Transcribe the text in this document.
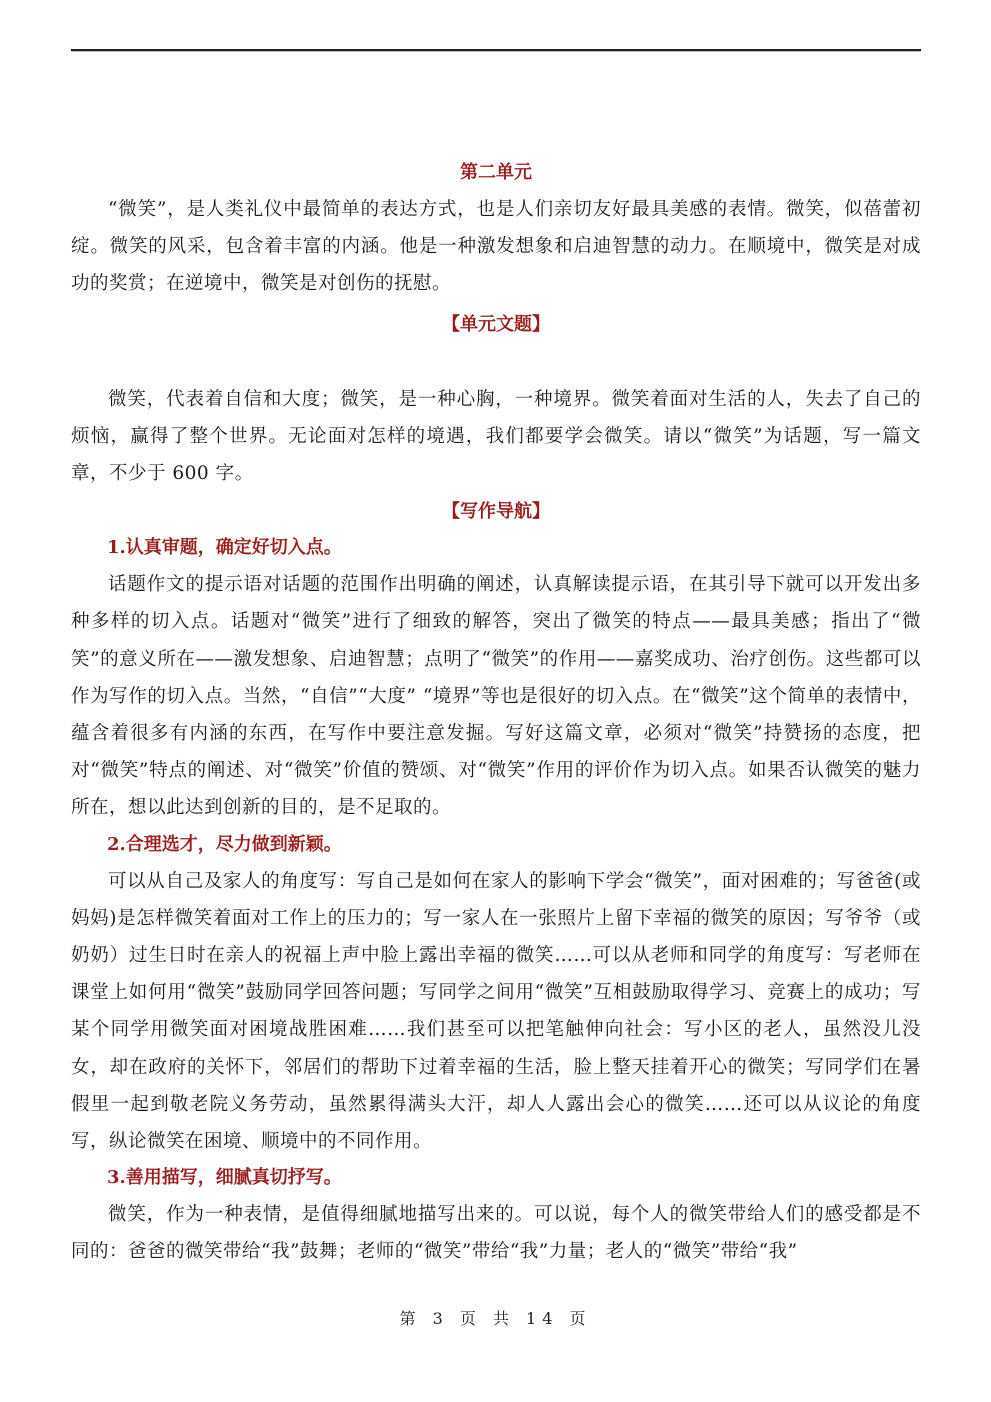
第二单元

“微笑”，是人类礼仪中最简单的表达方式，也是人们亲切友好最具美感的表情。微笑，似蓓蕾初绽。微笑的风采，包含着丰富的内涵。他是一种激发想象和启迪智慧的动力。在顺境中，微笑是对成功的奖赏；在逆境中，微笑是对创伤的抚慰。

【单元文题】

微笑，代表着自信和大度；微笑，是一种心胸，一种境界。微笑着面对生活的人，失去了自己的烦恼，赢得了整个世界。无论面对怎样的境遇，我们都要学会微笑。请以“微笑”为话题，写一篇文章，不少于 600 字。

【写作导航】

1.认真审题，确定好切入点。

话题作文的提示语对话题的范围作出明确的阐述，认真解读提示语，在其引导下就可以开发出多种多样的切入点。话题对“微笑”进行了细致的解答，突出了微笑的特点——最具美感；指出了“微笑”的意义所在——激发想象、启迪智慧；点明了“微笑”的作用——嘉奖成功、治疗创伤。这些都可以作为写作的切入点。当然，“自信”“大度” “境界”等也是很好的切入点。在“微笑”这个简单的表情中，蕴含着很多有内涵的东西，在写作中要注意发掘。写好这篇文章，必须对“微笑”持赞扬的态度，把对“微笑”特点的阐述、对“微笑”价值的赞颂、对“微笑”作用的评价作为切入点。如果否认微笑的魅力所在，想以此达到创新的目的，是不足取的。

2.合理选才，尽力做到新颖。

可以从自己及家人的角度写：写自己是如何在家人的影响下学会“微笑”，面对困难的；写爸爸(或妈妈)是怎样微笑着面对工作上的压力的；写一家人在一张照片上留下幸福的微笑的原因；写爷爷（或奶奶）过生日时在亲人的祝福上声中脸上露出幸福的微笑……可以从老师和同学的角度写：写老师在课堂上如何用“微笑”鼓励同学回答问题；写同学之间用“微笑”互相鼓励取得学习、竞赛上的成功；写某个同学用微笑面对困境战胜困难……我们甚至可以把笔触伸向社会：写小区的老人，虽然没儿没女，却在政府的关怀下，邻居们的帮助下过着幸福的生活，脸上整天挂着开心的微笑；写同学们在暑假里一起到敬老院义务劳动，虽然累得满头大汗，却人人露出会心的微笑……还可以从议论的角度写，纵论微笑在困境、顺境中的不同作用。

3.善用描写，细腻真切抒写。

微笑，作为一种表情，是值得细腻地描写出来的。可以说，每个人的微笑带给人们的感受都是不同的：爸爸的微笑带给“我”鼓舞；老师的“微笑”带给“我”力量；老人的“微笑”带给“我”

第 3 页 共 14 页
